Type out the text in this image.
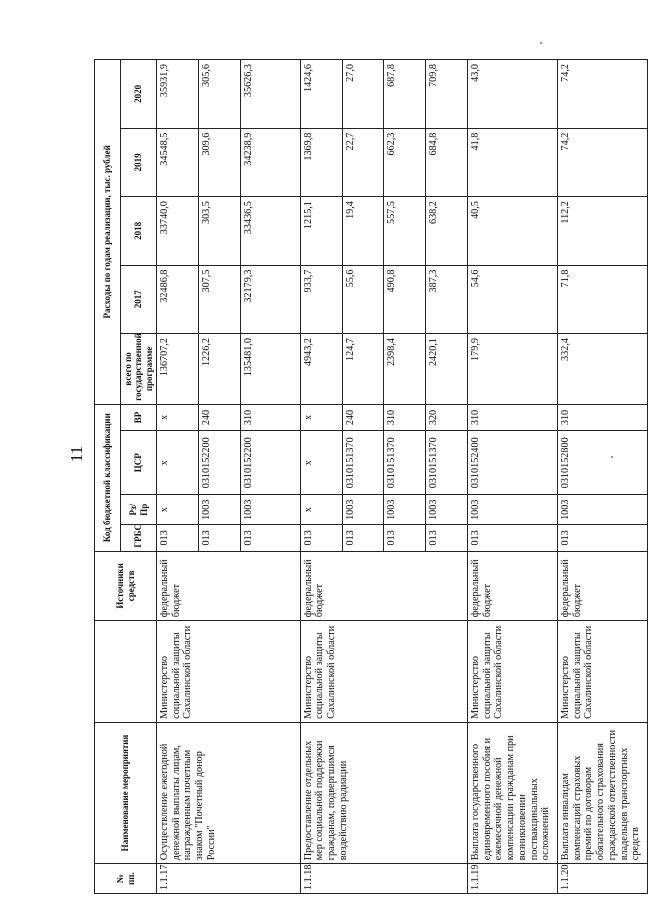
11
№ пп.	Наименование мероприятия		Источники средств	Код бюджетной классификации				Расходы по годам реализации, тыс. рублей				
				ГРБС	Рз/ Пр	ЦСР	ВР	всего по государственной программе	2017	2018	2019	2020
1.1.17.	Осуществление ежегодной денежной выплаты лицам, награжденным почетным знаком "Почетный донор России"	Министерство социальной защиты Сахалинской области	федеральный бюджет	013	x	x	x	136707,2	32486,8	33740,0	34548,5	35931,9
				013	1003	0310152200	240	1226,2	307,5	303,5	309,6	305,6
				013	1003	0310152200	310	135481,0	32179,3	33436,5	34238,9	35626,3
1.1.18.	Предоставление отдельных мер социальной поддержки гражданам, подвергшимся воздействию радиации	Министерство социальной защиты Сахалинской области	федеральный бюджет	013	x	x	x	4943,2	933,7	1215,1	1369,8	1424,6
				013	1003	0310151370	240	124,7	55,6	19,4	22,7	27,0
				013	1003	0310151370	310	2398,4	490,8	557,5	662,3	687,8
				013	1003	0310151370	320	2420,1	387,3	638,2	684,8	709,8
1.1.19.	Выплата государственного единовременного пособия и ежемесячной денежной компенсации гражданам при возникновении поствакцинальных осложнений	Министерство социальной защиты Сахалинской области	федеральный бюджет	013	1003	0310152400	310	179,9	54,6	40,5	41,8	43,0
1.1.20.	Выплата инвалидам компенсаций страховых премий по договорам обязательного страхования гражданской ответственности владельцев транспортных средств	Министерство социальной защиты Сахалинской области	федеральный бюджет	013	1003	0310152800	310	332,4	71,8	112,2	74,2	74,2
